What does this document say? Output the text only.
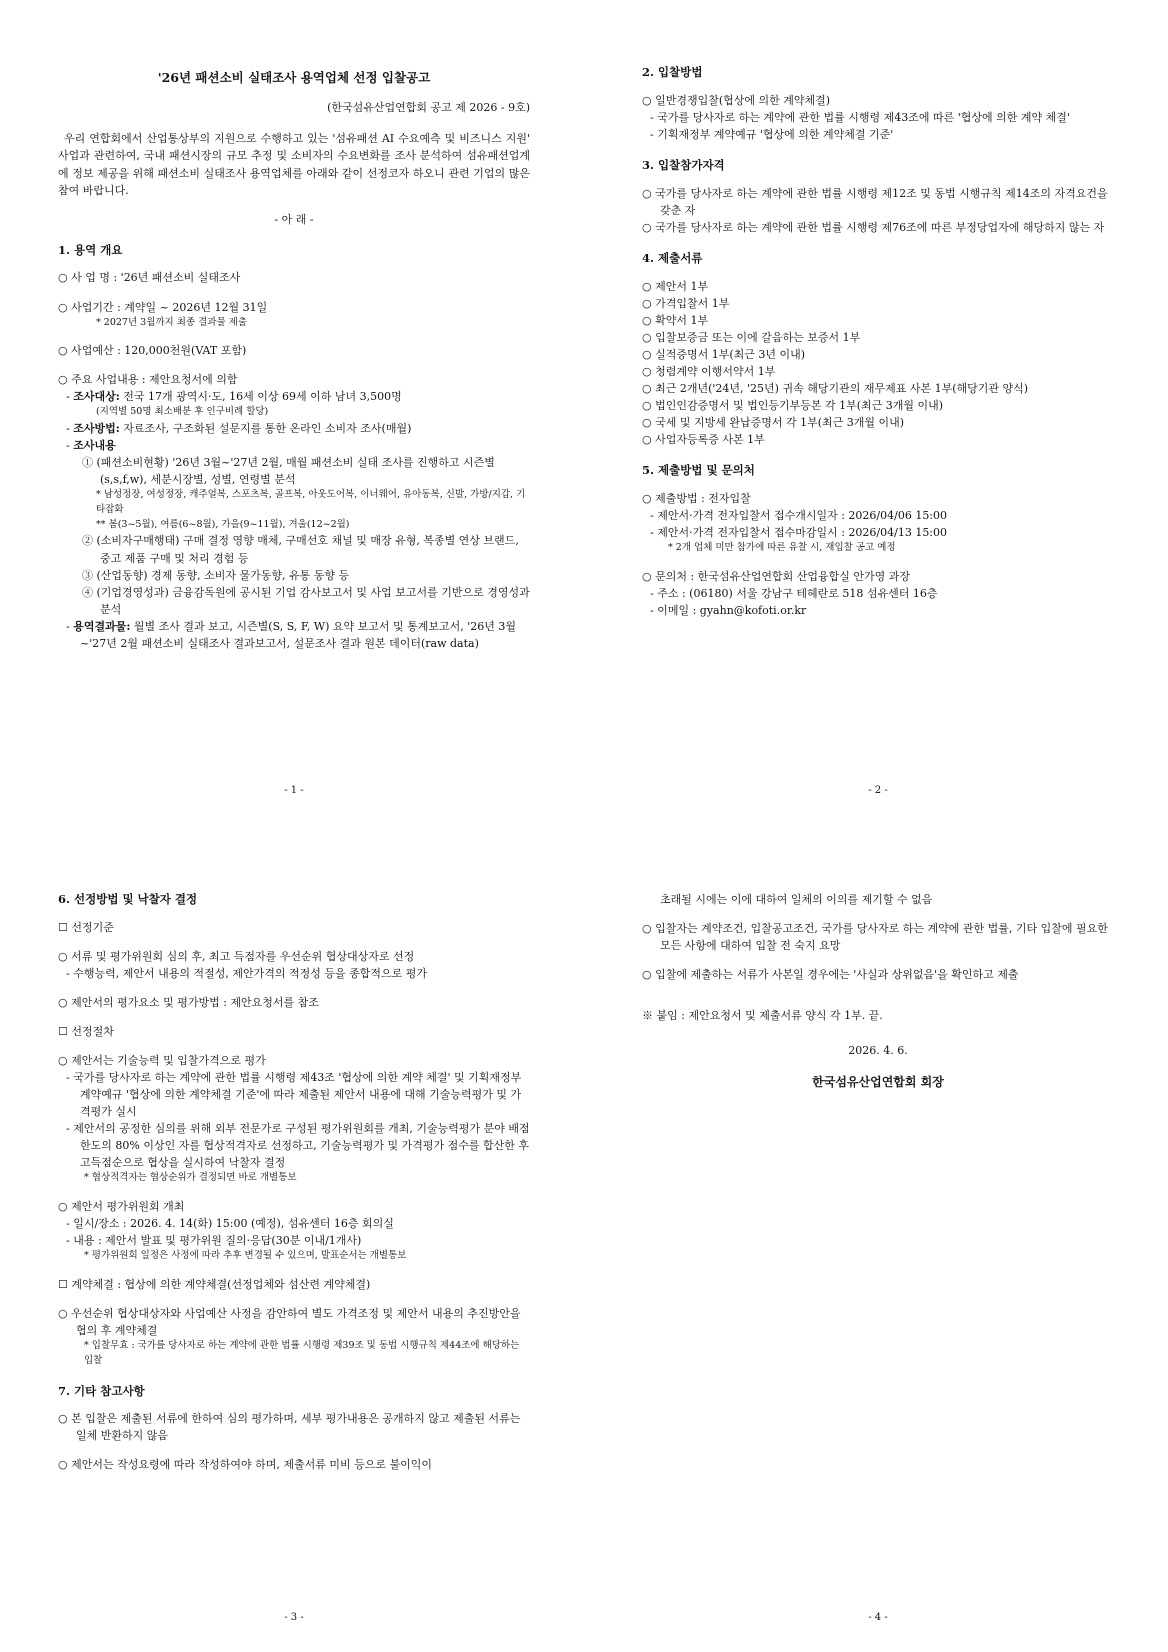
'26년 패션소비 실태조사 용역업체 선정 입찰공고
(한국섬유산업연합회 공고 제 2026 - 9호)

우리 연합회에서 산업통상부의 지원으로 수행하고 있는 '섬유패션 AI 수요예측 및 비즈니스 지원' 사업과 관련하여, 국내 패션시장의 규모 추정 및 소비자의 수요변화를 조사 분석하여 섬유패션업계에 정보 제공을 위해 패션소비 실태조사 용역업체를 아래와 같이 선정코자 하오니 관련 기업의 많은 참여 바랍니다.

- 아 래 -
1. 용역 개요

○ 사 업 명 : '26년 패션소비 실태조사

○ 사업기간 : 계약일 ~ 2026년 12월 31일

* 2027년 3월까지 최종 결과물 제출

○ 사업예산 : 120,000천원(VAT 포함)

○ 주요 사업내용 : 제안요청서에 의함

- 조사대상: 전국 17개 광역시·도, 16세 이상 69세 이하 남녀 3,500명

(지역별 50명 최소배분 후 인구비례 할당)

- 조사방법: 자료조사, 구조화된 설문지를 통한 온라인 소비자 조사(매월)

- 조사내용

① (패션소비현황) '26년 3월~'27년 2월, 매월 패션소비 실태 조사를 진행하고 시즌별(s,s,f,w), 세분시장별, 성별, 연령별 분석

* 남성정장, 여성정장, 캐주얼복, 스포츠복, 골프복, 아웃도어복, 이너웨어, 유아동복, 신발, 가방/지갑, 기타잡화

** 봄(3~5월), 여름(6~8월), 가을(9~11월), 겨울(12~2월)

② (소비자구매행태) 구매 결정 영향 매체, 구매선호 채널 및 매장 유형, 복종별 연상 브랜드, 중고 제품 구매 및 처리 경험 등

③ (산업동향) 경제 동향, 소비자 물가동향, 유통 동향 등

④ (기업경영성과) 금융감독원에 공시된 기업 감사보고서 및 사업 보고서를 기반으로 경영성과 분석

- 용역결과물: 월별 조사 결과 보고, 시즌별(S, S, F, W) 요약 보고서 및 통계보고서, '26년 3월~'27년 2월 패션소비 실태조사 결과보고서, 설문조사 결과 원본 데이터(raw data)

- 1 -
2. 입찰방법

○ 일반경쟁입찰(협상에 의한 계약체결)

- 국가를 당사자로 하는 계약에 관한 법률 시행령 제43조에 따른 '협상에 의한 계약 체결'

- 기획재정부 계약예규 '협상에 의한 계약체결 기준'

3. 입찰참가자격

○ 국가를 당사자로 하는 계약에 관한 법률 시행령 제12조 및 동법 시행규칙 제14조의 자격요건을 갖춘 자

○ 국가를 당사자로 하는 계약에 관한 법률 시행령 제76조에 따른 부정당업자에 해당하지 않는 자

4. 제출서류

○ 제안서 1부

○ 가격입찰서 1부

○ 확약서 1부

○ 입찰보증금 또는 이에 갈음하는 보증서 1부

○ 실적증명서 1부(최근 3년 이내)

○ 청렴계약 이행서약서 1부

○ 최근 2개년('24년, '25년) 귀속 해당기관의 재무제표 사본 1부(해당기관 양식)

○ 법인인감증명서 및 법인등기부등본 각 1부(최근 3개월 이내)

○ 국세 및 지방세 완납증명서 각 1부(최근 3개월 이내)

○ 사업자등록증 사본 1부

5. 제출방법 및 문의처

○ 제출방법 : 전자입찰

- 제안서·가격 전자입찰서 접수개시일자 : 2026/04/06 15:00

- 제안서·가격 전자입찰서 접수마감일시 : 2026/04/13 15:00

* 2개 업체 미만 참가에 따른 유찰 시, 재입찰 공고 예정

○ 문의처 : 한국섬유산업연합회 산업융합실 안가영 과장

- 주소 : (06180) 서울 강남구 테헤란로 518 섬유센터 16층

- 이메일 : gyahn@kofoti.or.kr

- 2 -
6. 선정방법 및 낙찰자 결정

☐ 선정기준

○ 서류 및 평가위원회 심의 후, 최고 득점자를 우선순위 협상대상자로 선정

- 수행능력, 제안서 내용의 적절성, 제안가격의 적정성 등을 종합적으로 평가

○ 제안서의 평가요소 및 평가방법 : 제안요청서를 참조

☐ 선정절차

○ 제안서는 기술능력 및 입찰가격으로 평가

- 국가를 당사자로 하는 계약에 관한 법률 시행령 제43조 '협상에 의한 계약 체결' 및 기획재정부 계약예규 '협상에 의한 계약체결 기준'에 따라 제출된 제안서 내용에 대해 기술능력평가 및 가격평가 실시

- 제안서의 공정한 심의를 위해 외부 전문가로 구성된 평가위원회를 개최, 기술능력평가 분야 배점한도의 80% 이상인 자를 협상적격자로 선정하고, 기술능력평가 및 가격평가 점수를 합산한 후 고득점순으로 협상을 실시하여 낙찰자 결정

* 협상적격자는 협상순위가 결정되면 바로 개별통보

○ 제안서 평가위원회 개최

- 일시/장소 : 2026. 4. 14(화) 15:00 (예정), 섬유센터 16층 회의실

- 내용 : 제안서 발표 및 평가위원 질의·응답(30분 이내/1개사)

* 평가위원회 일정은 사정에 따라 추후 변경될 수 있으며, 발표순서는 개별통보

☐ 계약체결 : 협상에 의한 계약체결(선정업체와 섬산련 계약체결)

○ 우선순위 협상대상자와 사업예산 사정을 감안하여 별도 가격조정 및 제안서 내용의 추진방안을 협의 후 계약체결

* 입찰무효 : 국가를 당사자로 하는 계약에 관한 법률 시행령 제39조 및 동법 시행규칙 제44조에 해당하는 입찰

7. 기타 참고사항

○ 본 입찰은 제출된 서류에 한하여 심의 평가하며, 세부 평가내용은 공개하지 않고 제출된 서류는 일체 반환하지 않음

○ 제안서는 작성요령에 따라 작성하여야 하며, 제출서류 미비 등으로 불이익이

- 3 -

초래될 시에는 이에 대하여 일체의 이의를 제기할 수 없음

○ 입찰자는 계약조건, 입찰공고조건, 국가를 당사자로 하는 계약에 관한 법률, 기타 입찰에 필요한 모든 사항에 대하여 입찰 전 숙지 요망

○ 입찰에 제출하는 서류가 사본일 경우에는 '사실과 상위없음'을 확인하고 제출

※ 붙임 : 제안요청서 및 제출서류 양식 각 1부. 끝.

2026. 4. 6.
한국섬유산업연합회 회장
- 4 -
